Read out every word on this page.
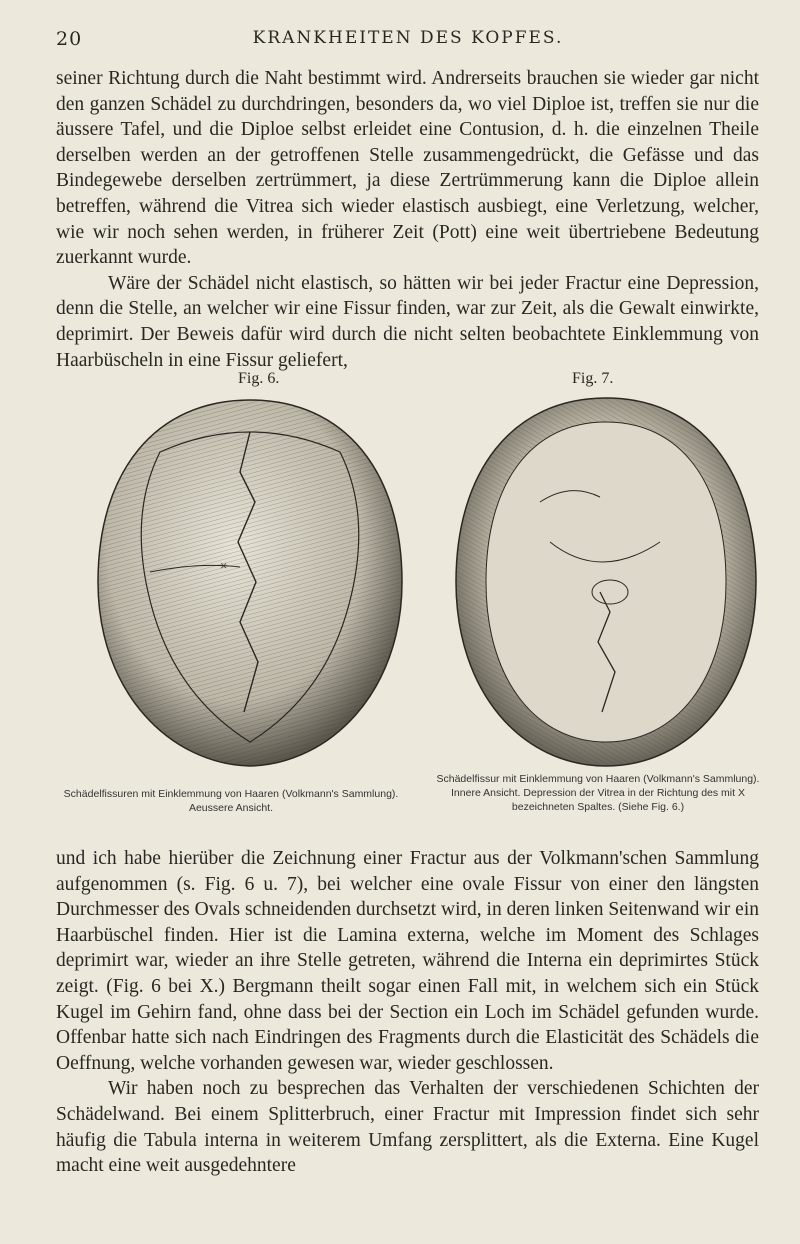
20	KRANKHEITEN DES KOPFES.

seiner Richtung durch die Naht bestimmt wird. Andrerseits brauchen sie wieder gar nicht den ganzen Schädel zu durchdringen, besonders da, wo viel Diploe ist, treffen sie nur die äussere Tafel, und die Diploe selbst erleidet eine Contusion, d. h. die einzelnen Theile derselben werden an der getroffenen Stelle zusammengedrückt, die Gefässe und das Bindegewebe derselben zertrümmert, ja diese Zertrümmerung kann die Diploe allein betreffen, während die Vitrea sich wieder elastisch ausbiegt, eine Verletzung, welcher, wie wir noch sehen werden, in früherer Zeit (Pott) eine weit übertriebene Bedeutung zuerkannt wurde.

Wäre der Schädel nicht elastisch, so hätten wir bei jeder Fractur eine Depression, denn die Stelle, an welcher wir eine Fissur finden, war zur Zeit, als die Gewalt einwirkte, deprimirt. Der Beweis dafür wird durch die nicht selten beobachtete Einklemmung von Haarbüscheln in eine Fissur geliefert,

Fig. 6.	Fig. 7.
×
Schädelfissuren mit Einklemmung von Haaren (Volkmann's Sammlung). Aeussere Ansicht.
Schädelfissur mit Einklemmung von Haaren (Volkmann's Sammlung). Innere Ansicht. Depression der Vitrea in der Richtung des mit X bezeichneten Spaltes. (Siehe Fig. 6.)

und ich habe hierüber die Zeichnung einer Fractur aus der Volkmann'schen Sammlung aufgenommen (s. Fig. 6 u. 7), bei welcher eine ovale Fissur von einer den längsten Durchmesser des Ovals schneidenden durchsetzt wird, in deren linken Seitenwand wir ein Haarbüschel finden. Hier ist die Lamina externa, welche im Moment des Schlages deprimirt war, wieder an ihre Stelle getreten, während die Interna ein deprimirtes Stück zeigt. (Fig. 6 bei X.) Bergmann theilt sogar einen Fall mit, in welchem sich ein Stück Kugel im Gehirn fand, ohne dass bei der Section ein Loch im Schädel gefunden wurde. Offenbar hatte sich nach Eindringen des Fragments durch die Elasticität des Schädels die Oeffnung, welche vorhanden gewesen war, wieder geschlossen.

Wir haben noch zu besprechen das Verhalten der verschiedenen Schichten der Schädelwand. Bei einem Splitterbruch, einer Fractur mit Impression findet sich sehr häufig die Tabula interna in weiterem Umfang zersplittert, als die Externa. Eine Kugel macht eine weit ausgedehntere
